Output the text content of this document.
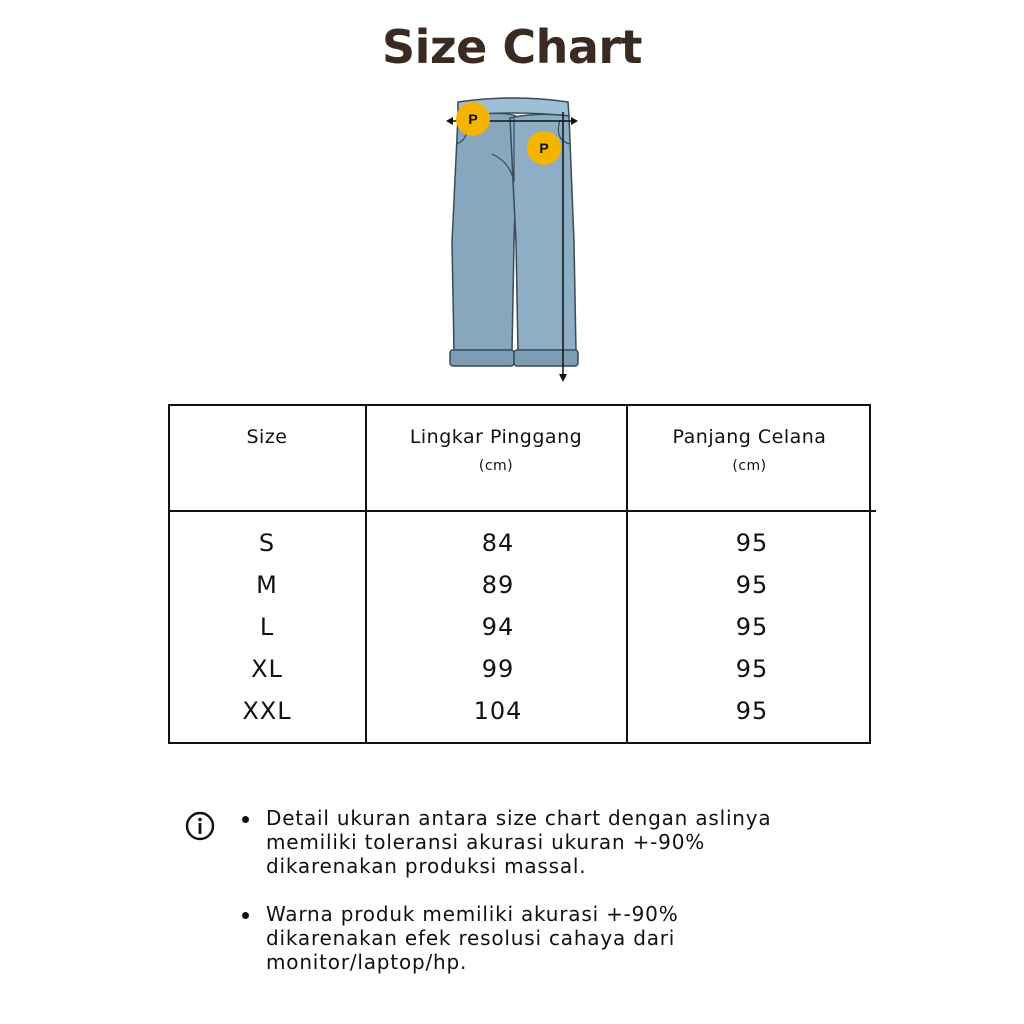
Size Chart
P
P
Size	Lingkar Pinggang
(cm)
Panjang Celana
(cm)
S
M
L
XL
XXL
84
89
94
99
104
95
95
95
95
95
Detail ukuran antara size chart dengan aslinya memiliki toleransi akurasi ukuran +-90% dikarenakan produksi massal.
Warna produk memiliki akurasi +-90% dikarenakan efek resolusi cahaya dari monitor/laptop/hp.
